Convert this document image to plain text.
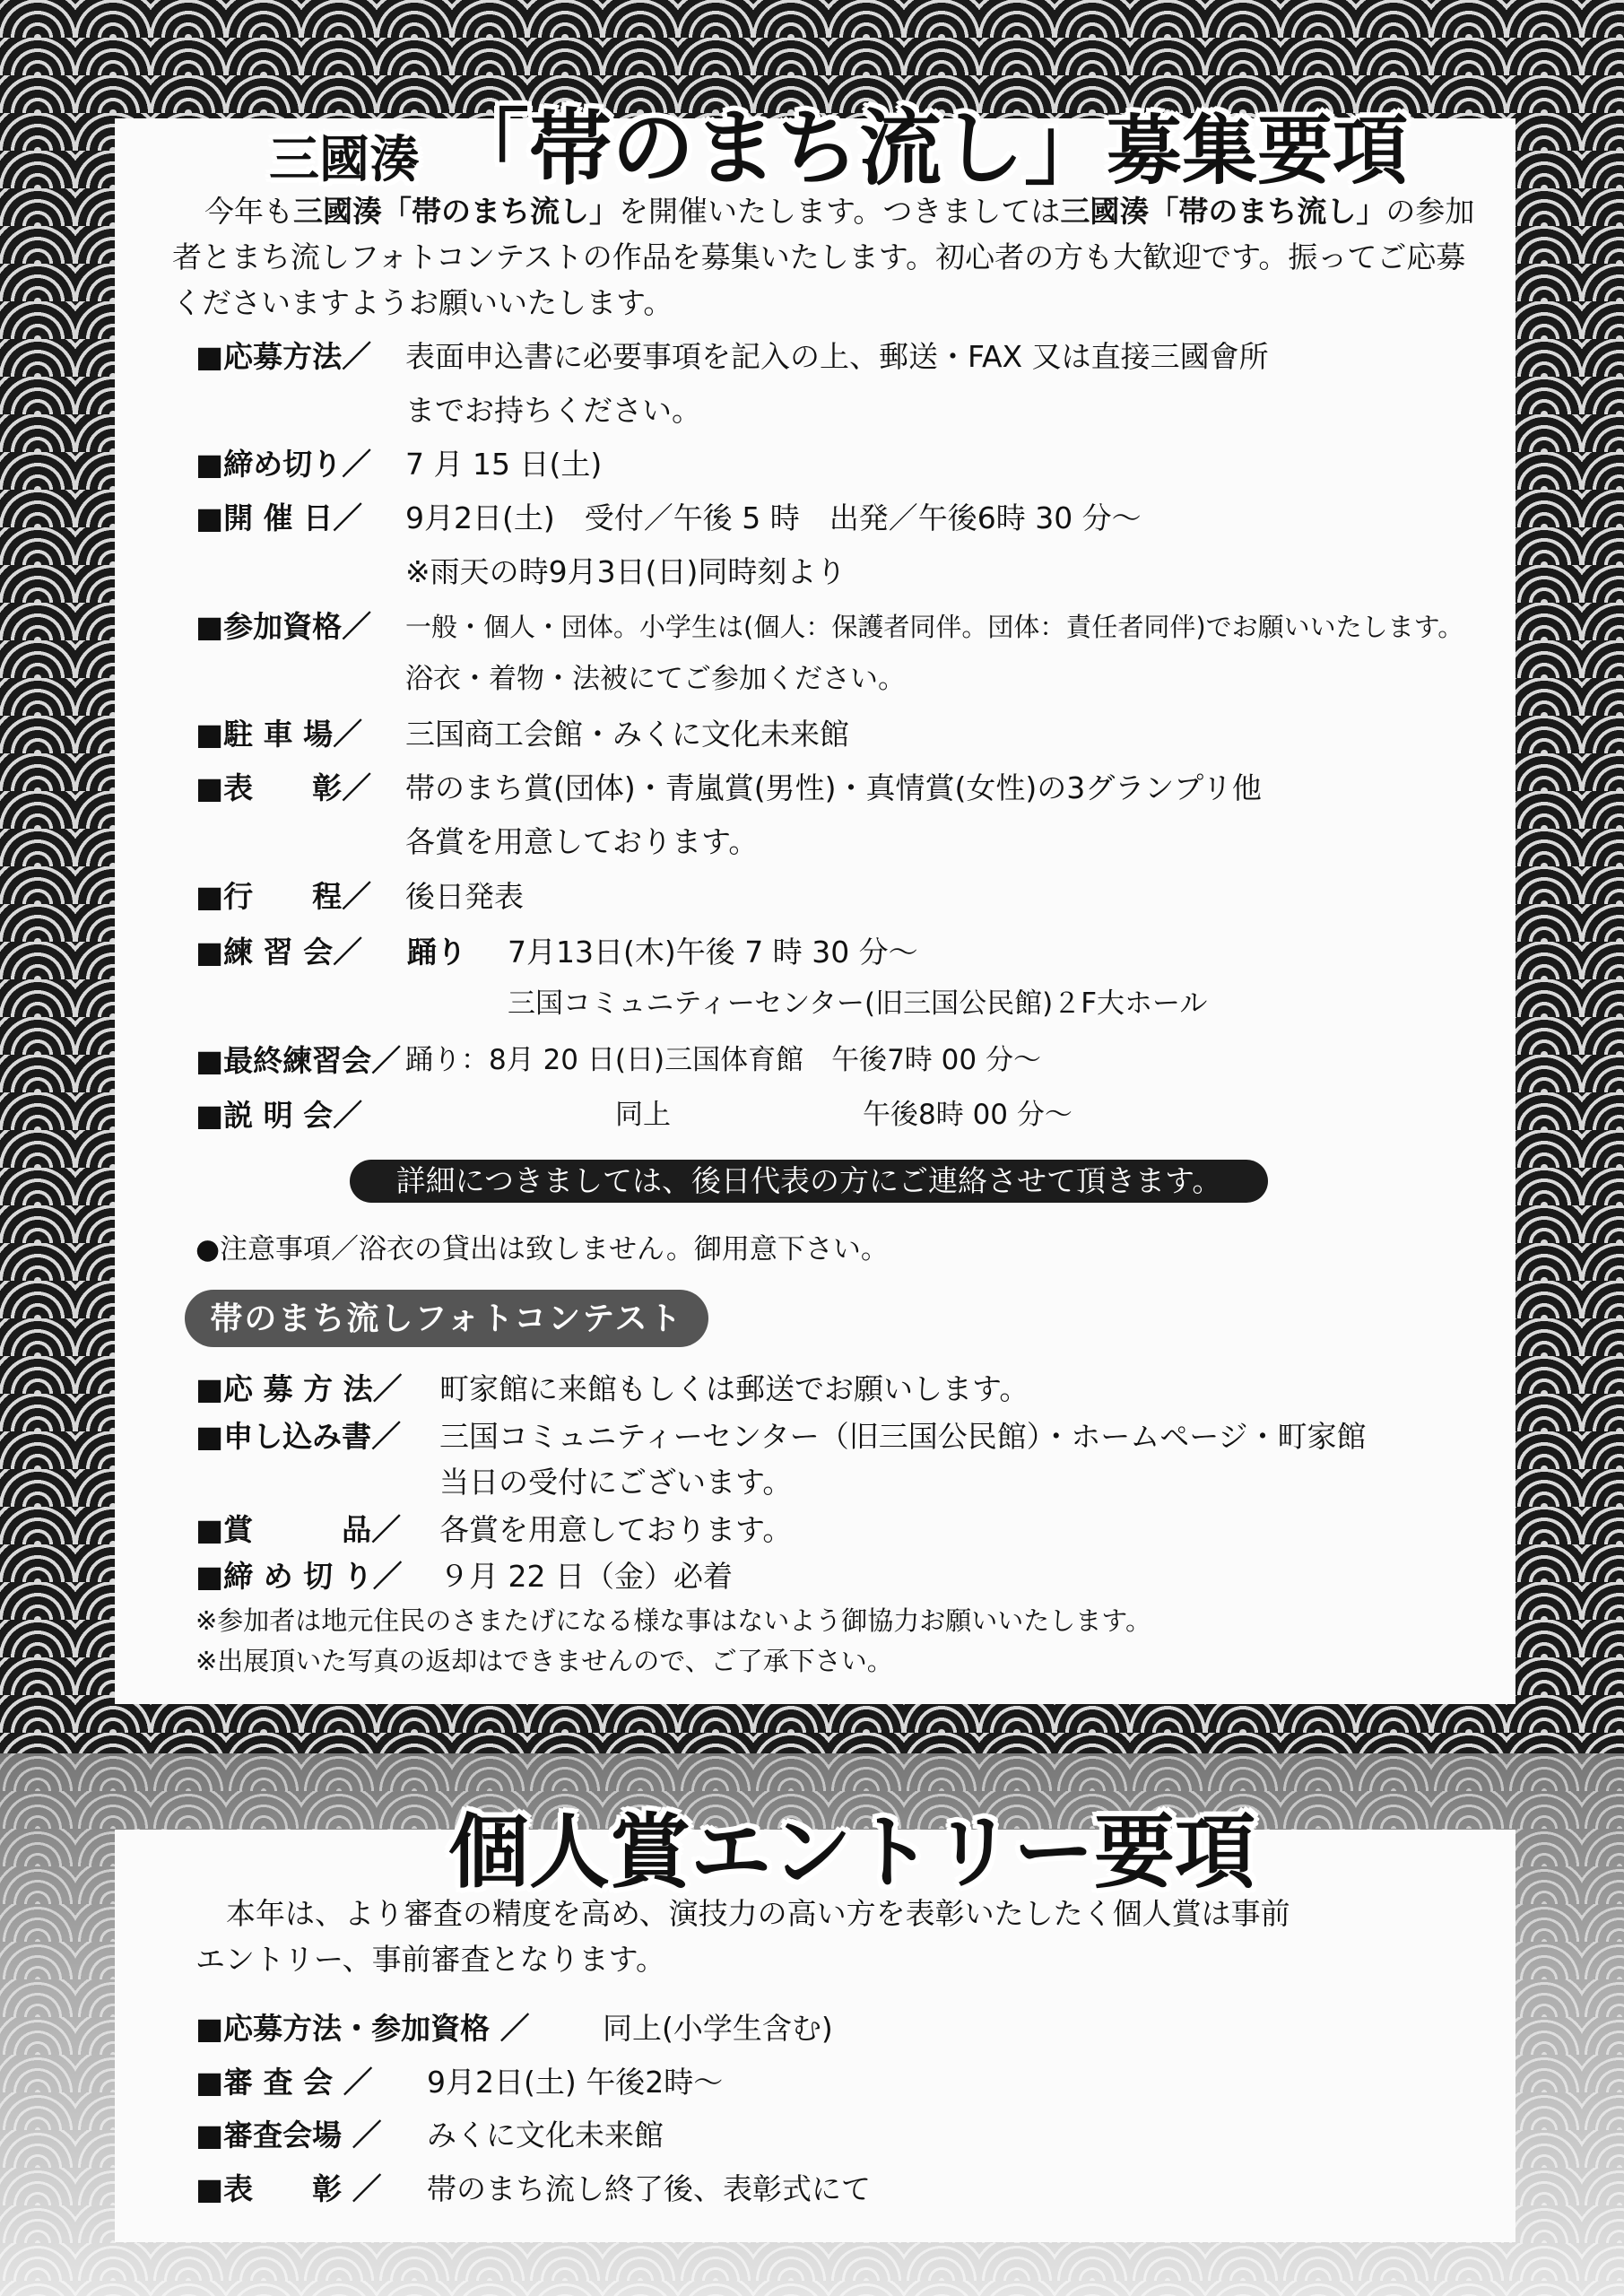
三國湊 「帯のまち流し」募集要項
今年も三國湊「帯のまち流し」を開催いたします。つきましては三國湊「帯のまち流し」の参加
者とまち流しフォトコンテストの作品を募集いたします。初心者の方も大歓迎です。振ってご応募
くださいますようお願いいたします。
■応募方法／ 表面申込書に必要事項を記入の上、郵送・FAX 又は直接三國會所
までお持ちください。
■締め切り／ 7 月 15 日(土)
■開 催 日／ 9月2日(土)　受付／午後 5 時　出発／午後6時 30 分～
※雨天の時9月3日(日)同時刻より
■参加資格／ 一般・個人・団体。小学生は(個人：保護者同伴。団体：責任者同伴)でお願いいたします。
浴衣・着物・法被にてご参加ください。
■駐 車 場／ 三国商工会館・みくに文化未来館
■表　　彰／ 帯のまち賞(団体)・青嵐賞(男性)・真情賞(女性)の3グランプリ他
各賞を用意しております。
■行　　程／ 後日発表
■練 習 会／ 踊り 7月13日(木)午後 7 時 30 分～
三国コミュニティーセンター(旧三国公民館)２F大ホール
■最終練習会／ 踊り：8月 20 日(日)三国体育館　午後7時 00 分～
■説 明 会／	同上	午後8時 00 分～
詳細につきましては、後日代表の方にご連絡させて頂きます。
●注意事項／浴衣の貸出は致しません。御用意下さい。
帯のまち流しフォトコンテスト
■応 募 方 法／ 町家館に来館もしくは郵送でお願いします。
■申し込み書／ 三国コミュニティーセンター（旧三国公民館）・ホームページ・町家館
当日の受付にございます。
■賞　　　品／ 各賞を用意しております。
■締 め 切 り／ ９月 22 日（金）必着
※参加者は地元住民のさまたげになる様な事はないよう御協力お願いいたします。
※出展頂いた写真の返却はできませんので、ご了承下さい。
個人賞エントリー要項
本年は、より審査の精度を高め、演技力の高い方を表彰いたしたく個人賞は事前
エントリー、事前審査となります。
■応募方法・参加資格 ／ 同上(小学生含む)
■審 査 会 ／ 9月2日(土) 午後2時～
■審査会場 ／ みくに文化未来館
■表　　彰 ／ 帯のまち流し終了後、表彰式にて
